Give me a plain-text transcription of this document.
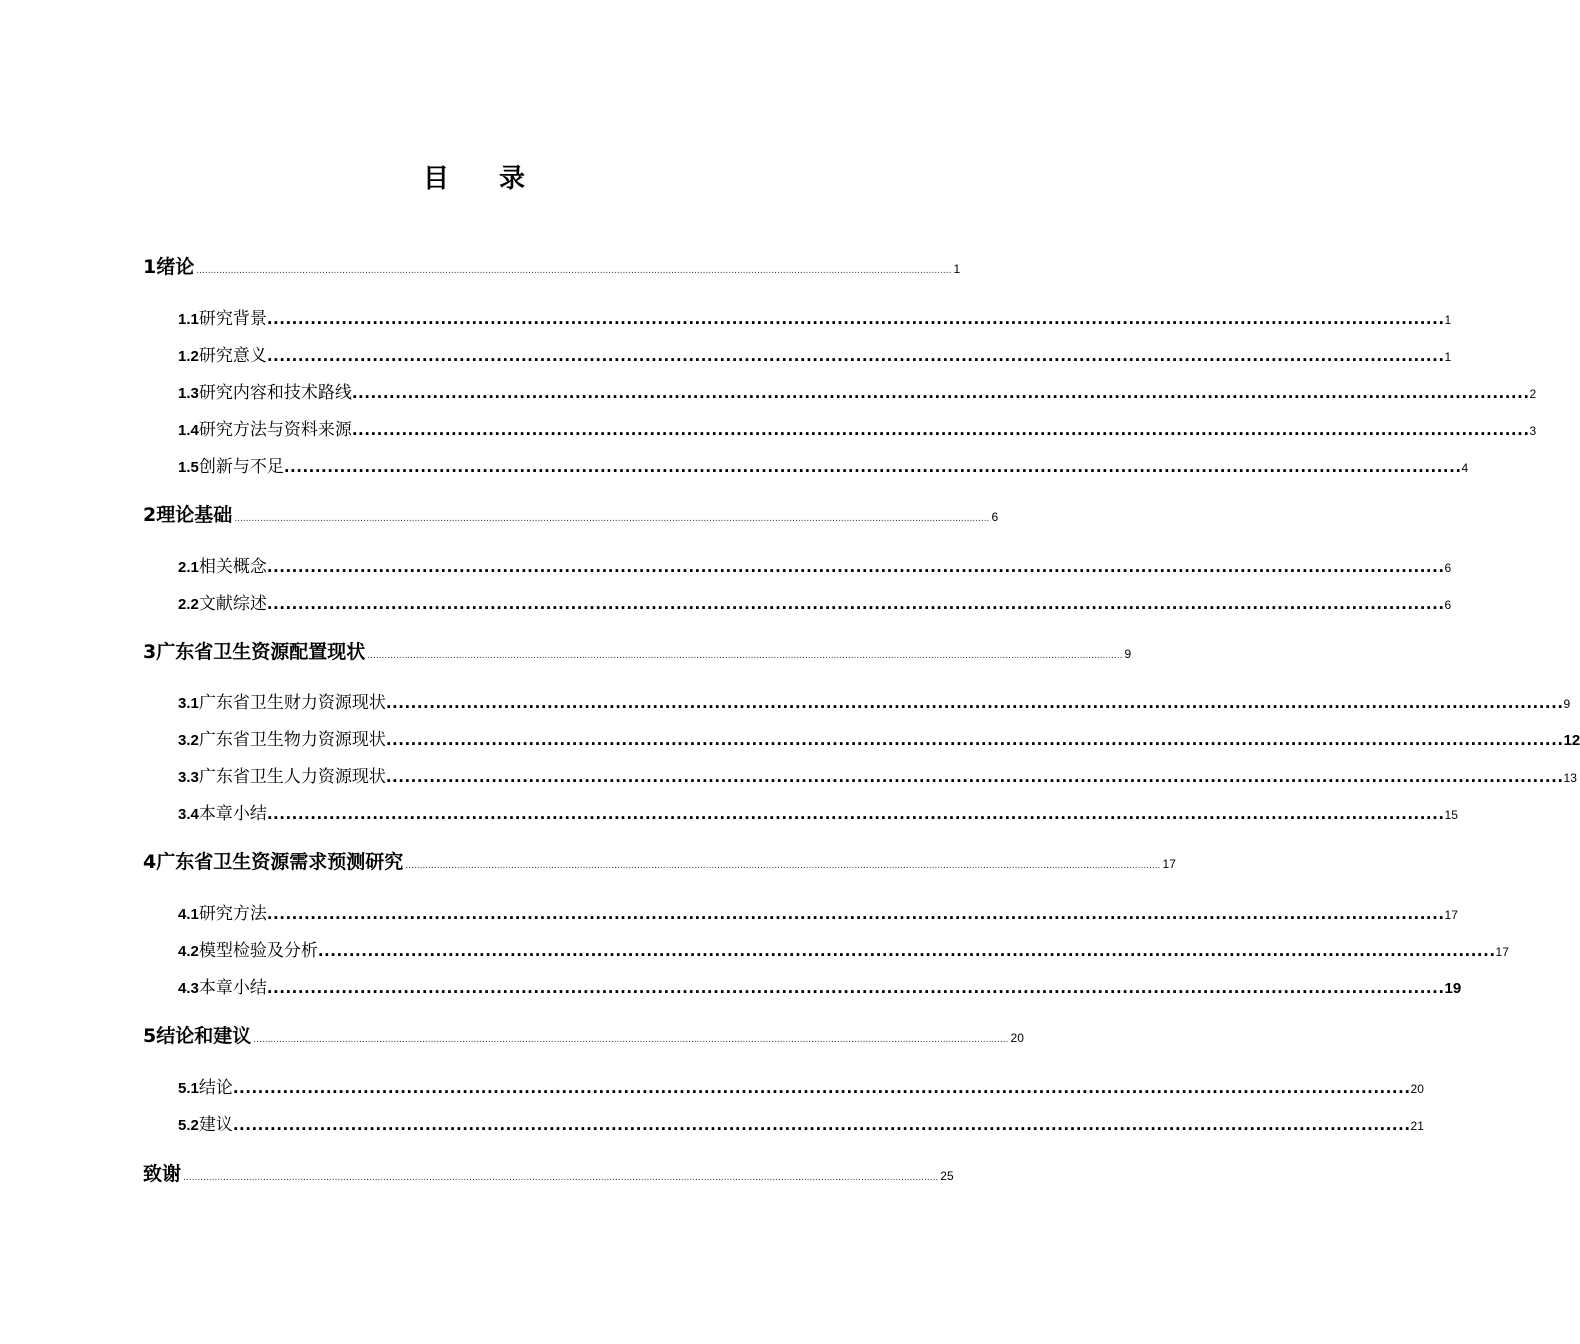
目 录
1 绪论 ........................................................................................................................................................................................................................................................................ 1
1.1 研究背景 .............................................................................................................................................................................................. 1
1.2 研究意义 .............................................................................................................................................................................................. 1
1.3 研究内容和技术路线 .............................................................................................................................................................................................. 2
1.4 研究方法与资料来源 .............................................................................................................................................................................................. 3
1.5 创新与不足 .............................................................................................................................................................................................. 4
2 理论基础 ........................................................................................................................................................................................................................................................................ 6
2.1 相关概念 .............................................................................................................................................................................................. 6
2.2 文献综述 .............................................................................................................................................................................................. 6
3 广东省卫生资源配置现状 ........................................................................................................................................................................................................................................................................ 9
3.1 广东省卫生财力资源现状 .............................................................................................................................................................................................. 9
3.2 广东省卫生物力资源现状 .............................................................................................................................................................................................. 12
3.3 广东省卫生人力资源现状 .............................................................................................................................................................................................. 13
3.4 本章小结 .............................................................................................................................................................................................. 15
4 广东省卫生资源需求预测研究 ........................................................................................................................................................................................................................................................................ 17
4.1 研究方法 .............................................................................................................................................................................................. 17
4.2 模型检验及分析 .............................................................................................................................................................................................. 17
4.3 本章小结 .............................................................................................................................................................................................. 19
5 结论和建议 ........................................................................................................................................................................................................................................................................ 20
5.1 结论 .............................................................................................................................................................................................. 20
5.2 建议 .............................................................................................................................................................................................. 21
致谢 ........................................................................................................................................................................................................................................................................ 25
